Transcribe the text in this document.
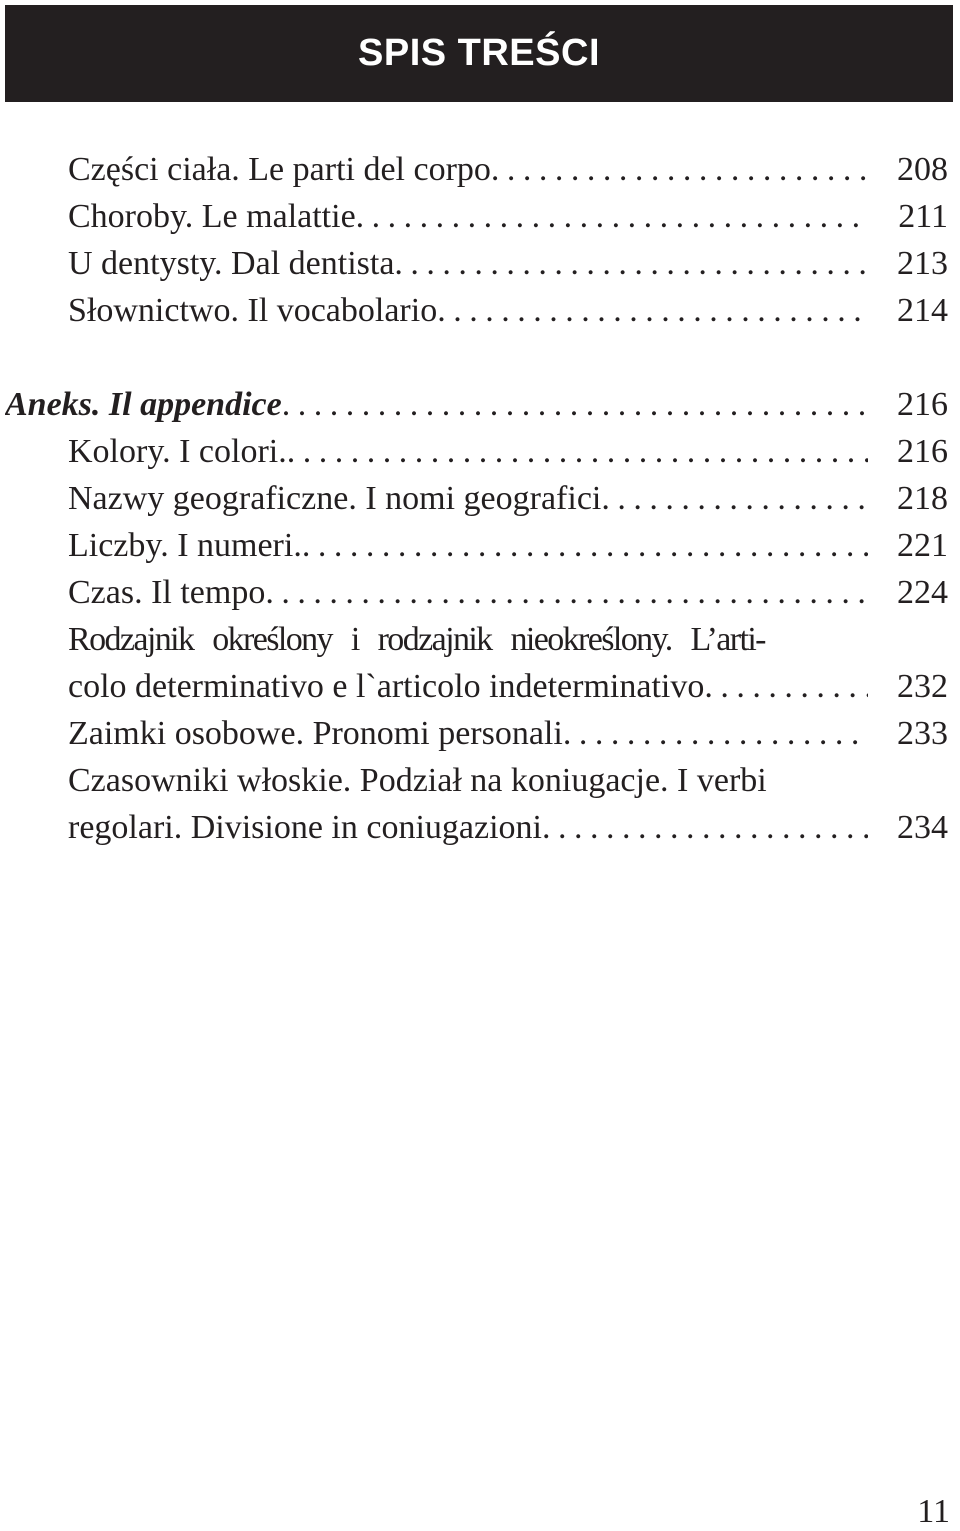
SPIS TREŚCI
Części ciała. Le parti del corpo . . .	208
Choroby. Le malattie . . .	211
U dentysty. Dal dentista . . .	213
Słownictwo. Il vocabolario . . .	214
Aneks. Il appendice . . .	216
Kolory. I colori. . . .	216
Nazwy geograficzne. I nomi geografici . . .	218
Liczby. I numeri. . . .	221
Czas. Il tempo . . .	224
Rodzajnik określony i rodzajnik nieokreślony. L’arti-
colo determinativo e l`articolo indeterminativo . . .	232
Zaimki osobowe. Pronomi personali . . .	233
Czasowniki włoskie. Podział na koniugacje. I verbi
regolari. Divisione in coniugazioni . . .	234
11
